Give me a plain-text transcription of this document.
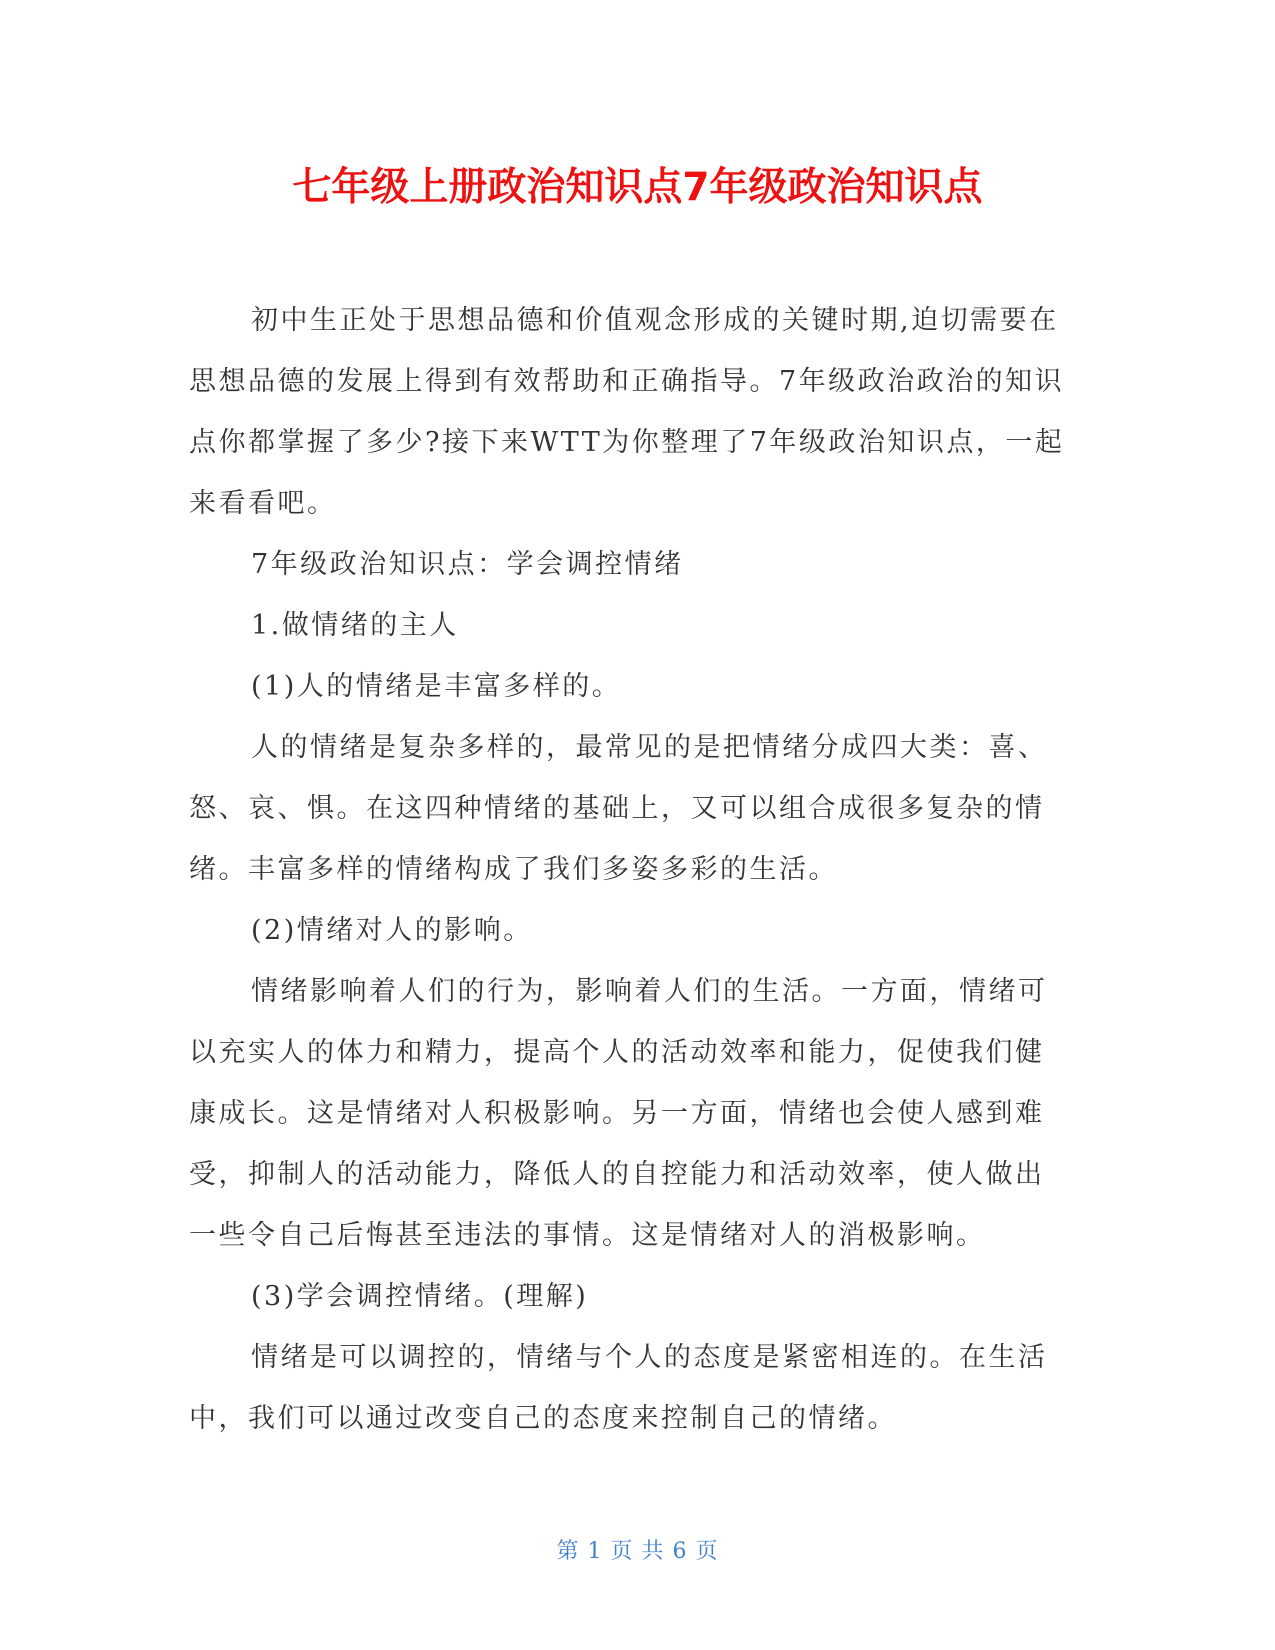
七年级上册政治知识点7年级政治知识点

初中生正处于思想品德和价值观念形成的关键时期,迫切需要在思想品德的发展上得到有效帮助和正确指导。7年级政治政治的知识点你都掌握了多少?接下来WTT为你整理了7年级政治知识点，一起来看看吧。

7年级政治知识点：学会调控情绪

1.做情绪的主人

(1)人的情绪是丰富多样的。

人的情绪是复杂多样的，最常见的是把情绪分成四大类：喜、怒、哀、惧。在这四种情绪的基础上，又可以组合成很多复杂的情绪。丰富多样的情绪构成了我们多姿多彩的生活。

(2)情绪对人的影响。

情绪影响着人们的行为，影响着人们的生活。一方面，情绪可以充实人的体力和精力，提高个人的活动效率和能力，促使我们健康成长。这是情绪对人积极影响。另一方面，情绪也会使人感到难受，抑制人的活动能力，降低人的自控能力和活动效率，使人做出一些令自己后悔甚至违法的事情。这是情绪对人的消极影响。

(3)学会调控情绪。(理解)

情绪是可以调控的，情绪与个人的态度是紧密相连的。在生活中，我们可以通过改变自己的态度来控制自己的情绪。

第 1 页 共 6 页
